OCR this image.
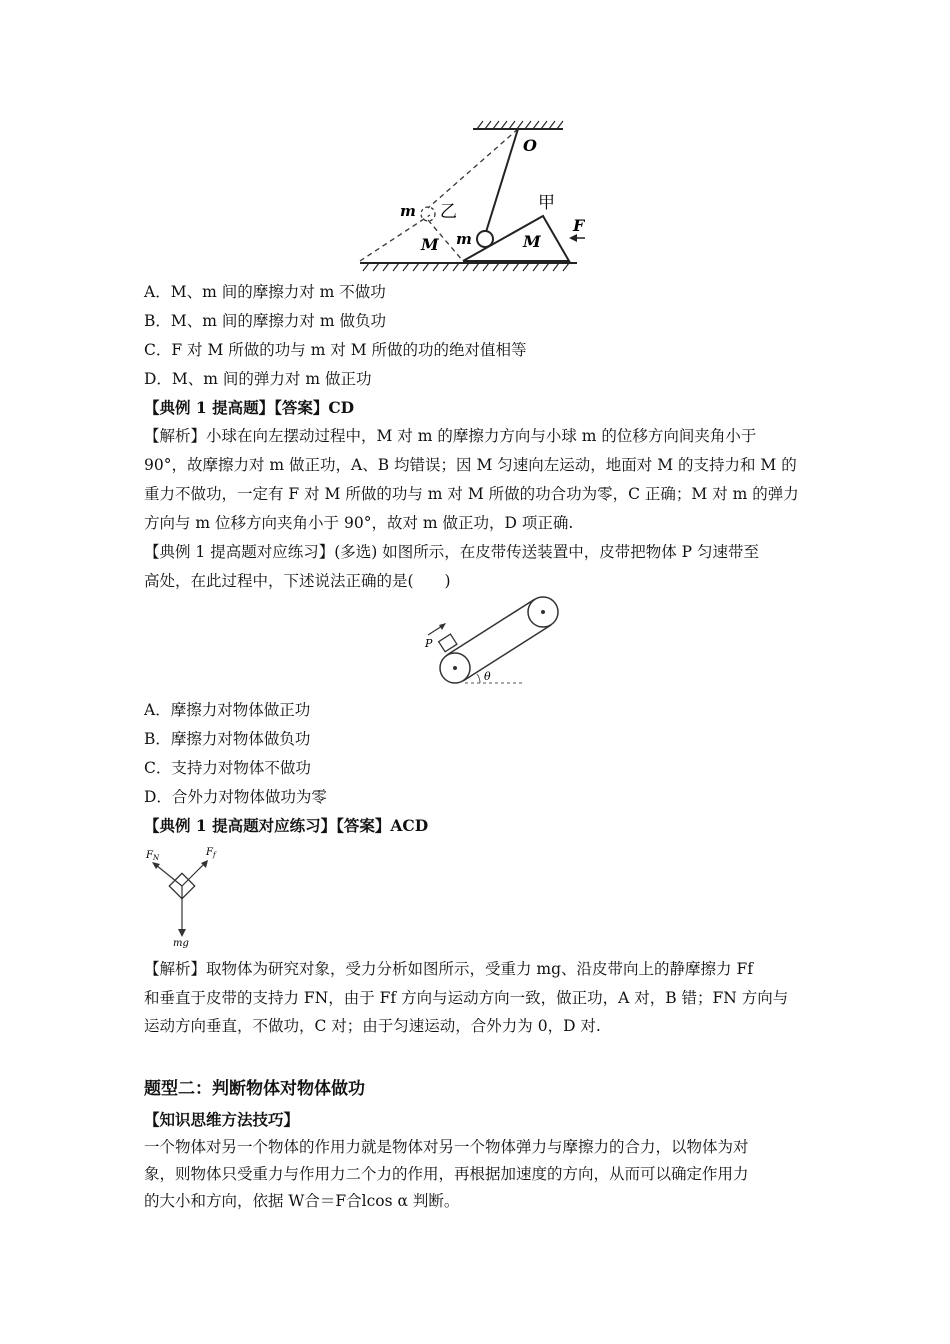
O
甲
乙
m
m
M	M
F
A．M、m 间的摩擦力对 m 不做功
B．M、m 间的摩擦力对 m 做负功
C．F 对 M 所做的功与 m 对 M 所做的功的绝对值相等
D．M、m 间的弹力对 m 做正功
【典例 1 提高题】【答案】CD
【解析】小球在向左摆动过程中，M 对 m 的摩擦力方向与小球 m 的位移方向间夹角小于
90°，故摩擦力对 m 做正功，A、B 均错误；因 M 匀速向左运动，地面对 M 的支持力和 M 的
重力不做功，一定有 F 对 M 所做的功与 m 对 M 所做的功合功为零，C 正确；M 对 m 的弹力
方向与 m 位移方向夹角小于 90°，故对 m 做正功，D 项正确.
【典例 1 提高题对应练习】(多选) 如图所示，在皮带传送装置中，皮带把物体 P 匀速带至
高处，在此过程中，下述说法正确的是(　　)
P
θ
A．摩擦力对物体做正功
B．摩擦力对物体做负功
C．支持力对物体不做功
D．合外力对物体做功为零
【典例 1 提高题对应练习】【答案】ACD
$F_N$	$F_f$
mg
【解析】取物体为研究对象，受力分析如图所示，受重力 mg、沿皮带向上的静摩擦力 Ff
和垂直于皮带的支持力 FN，由于 Ff 方向与运动方向一致，做正功，A 对，B 错；FN 方向与
运动方向垂直，不做功，C 对；由于匀速运动，合外力为 0，D 对.
题型二：判断物体对物体做功
【知识思维方法技巧】
一个物体对另一个物体的作用力就是物体对另一个物体弹力与摩擦力的合力，以物体为对
象，则物体只受重力与作用力二个力的作用，再根据加速度的方向，从而可以确定作用力
的大小和方向，依据 W合＝F合lcos α 判断。
